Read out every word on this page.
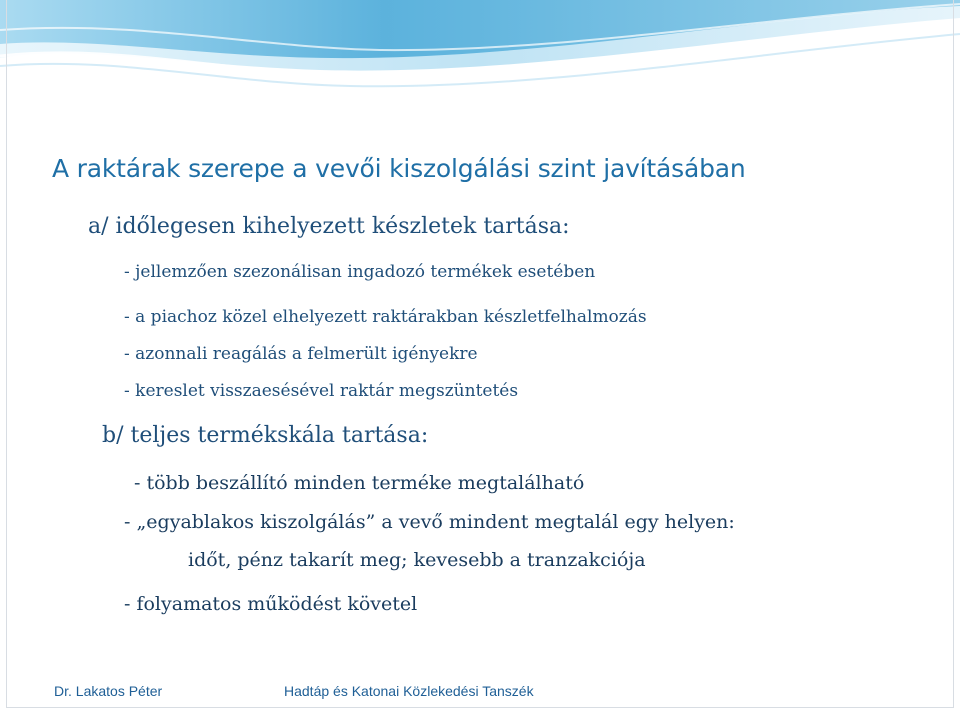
A raktárak szerepe a vevői kiszolgálási szint javításában
a/ időlegesen kihelyezett készletek tartása:
- jellemzően szezonálisan ingadozó termékek esetében
- a piachoz közel elhelyezett raktárakban készletfelhalmozás
- azonnali reagálás a felmerült igényekre
- kereslet visszaesésével raktár megszüntetés
b/ teljes termékskála tartása:
- több beszállító minden terméke megtalálható
- „egyablakos kiszolgálás” a vevő mindent megtalál egy helyen:
időt, pénz takarít meg; kevesebb a tranzakciója
- folyamatos működést követel
Dr. Lakatos Péter	Hadtáp és Katonai Közlekedési Tanszék
